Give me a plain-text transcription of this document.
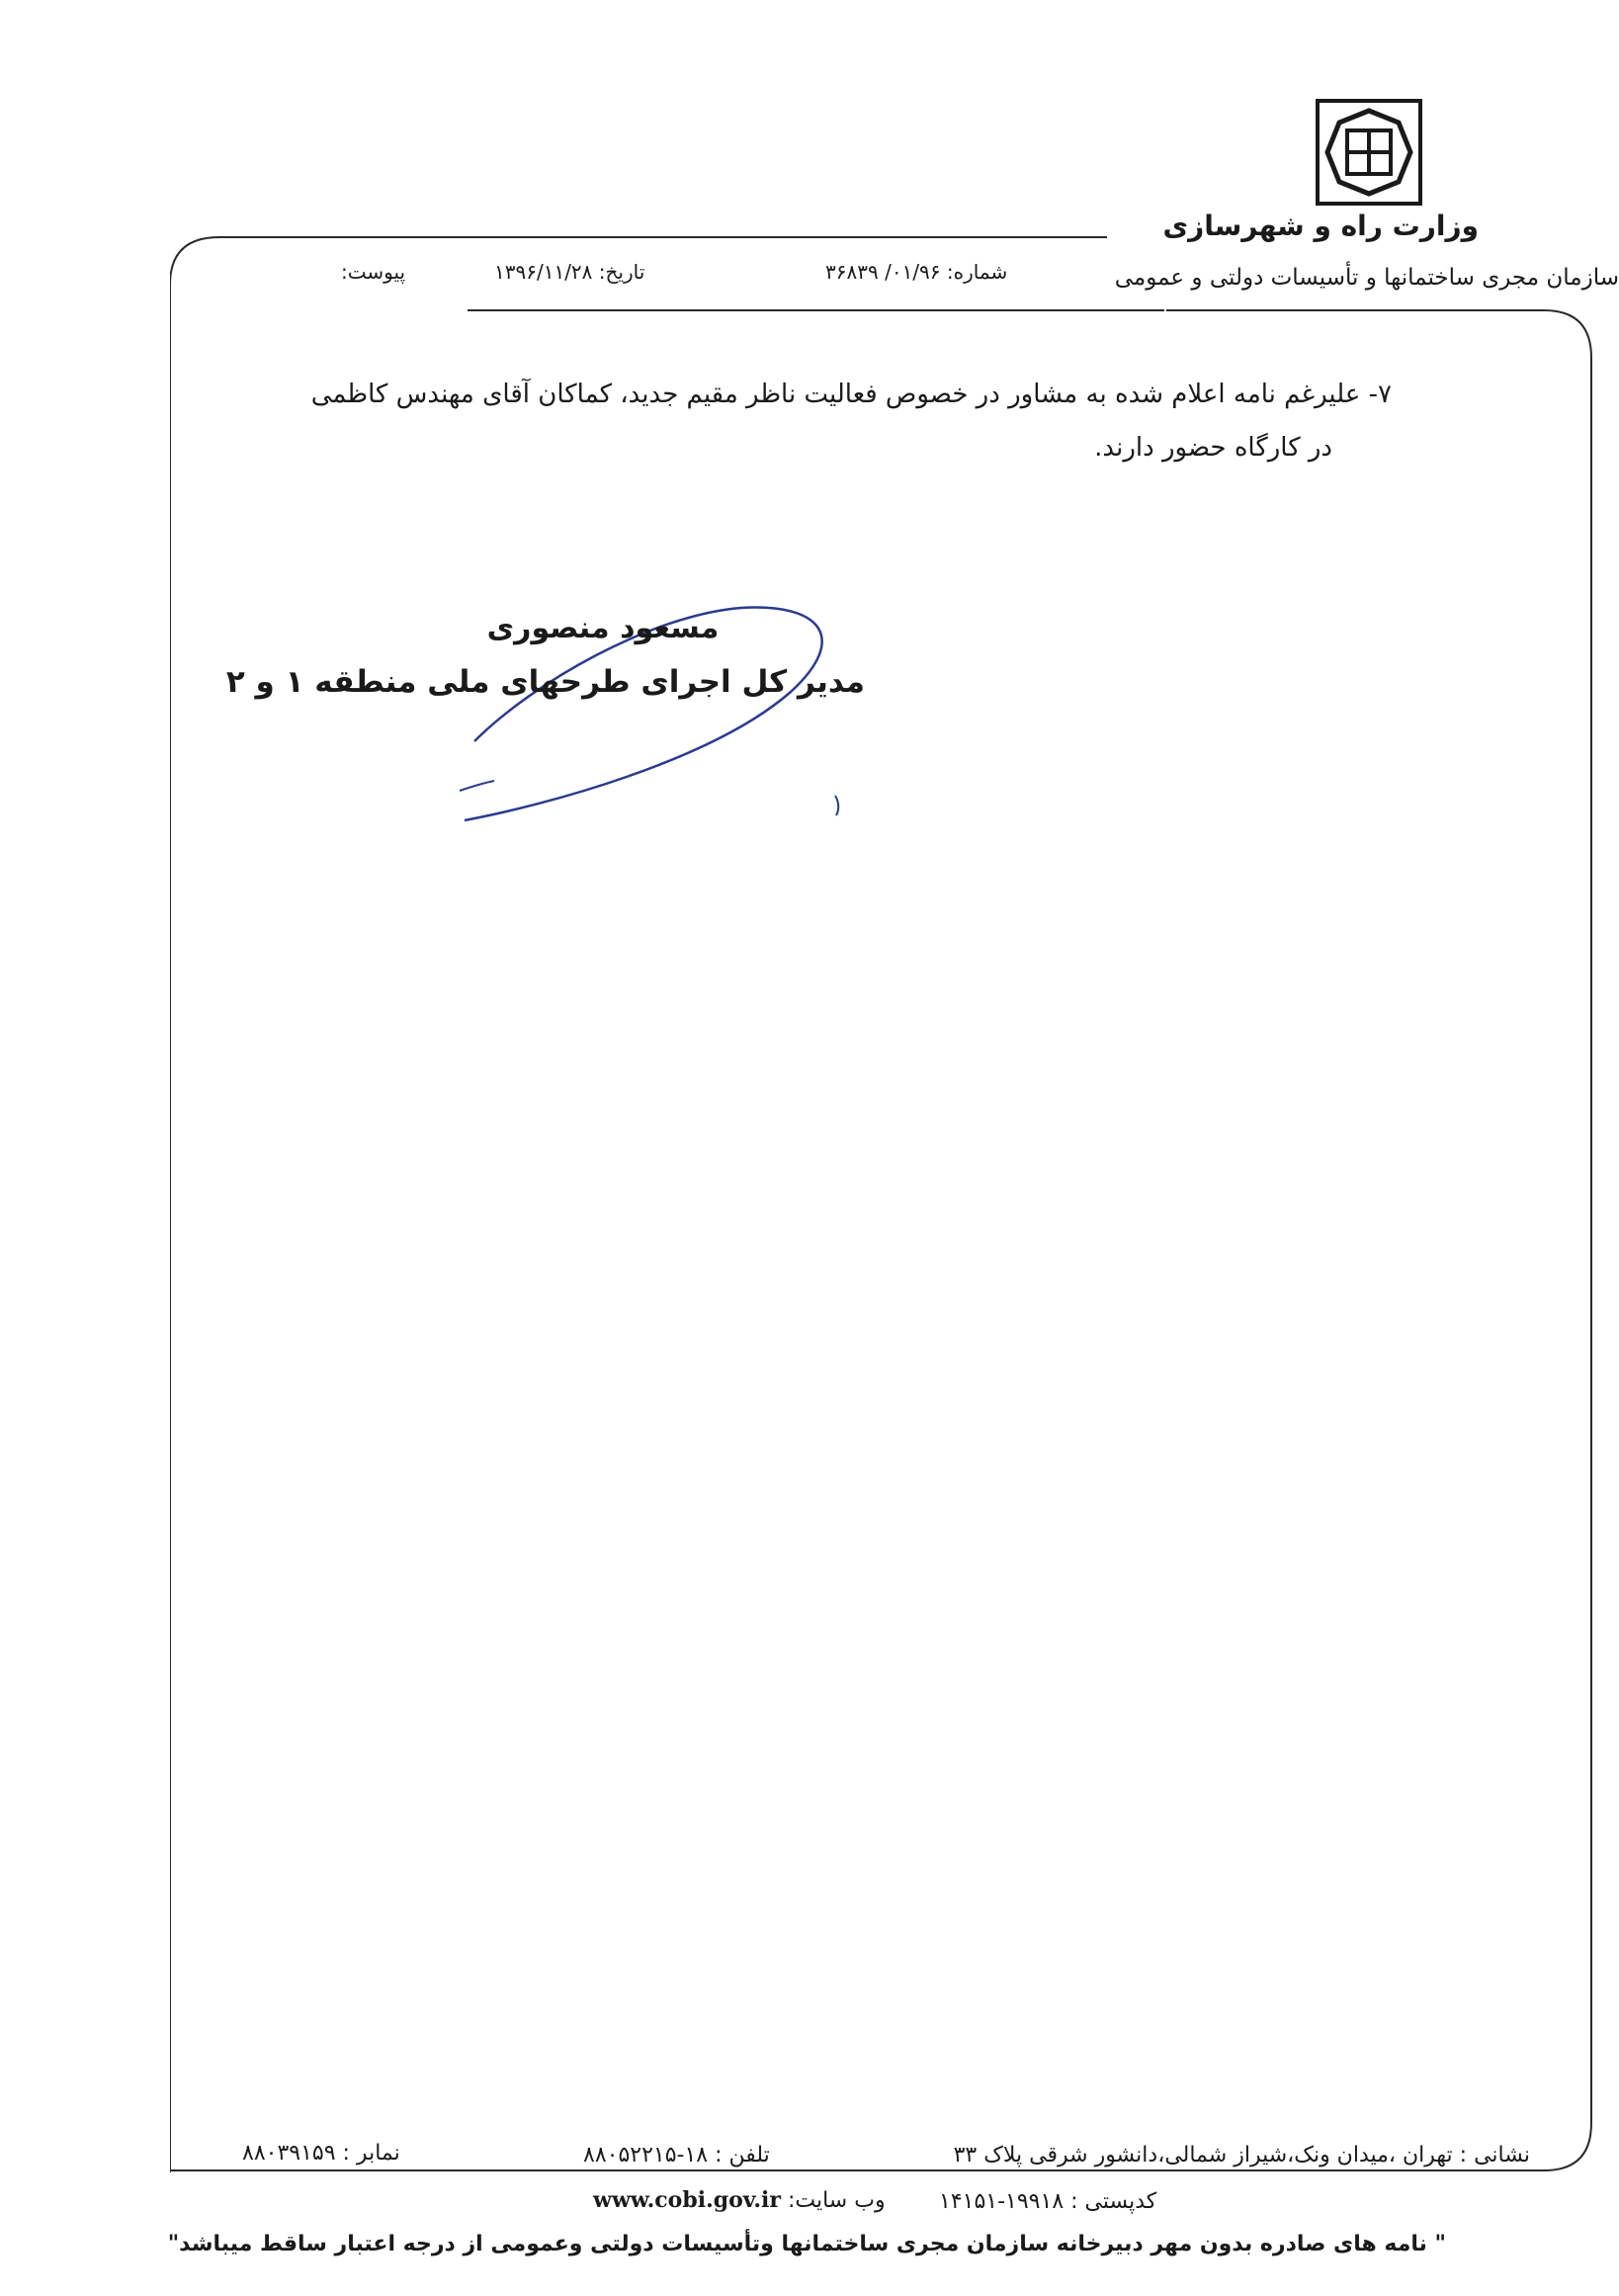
وزارت راه و شهرسازی
سازمان مجری ساختمانها و تأسیسات دولتی و عمومی
شماره: ۰۱/۹۶/ ۳۶۸۳۹
تاریخ: ۱۳۹۶/۱۱/۲۸
پیوست:
۷- علیرغم نامه اعلام شده به مشاور در خصوص فعالیت ناظر مقیم جدید، کماکان آقای مهندس کاظمی
در کارگاه حضور دارند.
مسعود منصوری
مدیر کل اجرای طرحهای ملی منطقه ۱ و ۲
نشانی : تهران ،میدان ونک،شیراز شمالی،دانشور شرقی پلاک ۳۳
تلفن : ۱۸-۸۸۰۵۲۲۱۵
نمابر : ۸۸۰۳۹۱۵۹
کدپستی : ۱۹۹۱۸-۱۴۱۵۱
وب سایت: www.cobi.gov.ir
" نامه های صادره بدون مهر دبیرخانه سازمان مجری ساختمانها وتأسیسات دولتی وعمومی از درجه اعتبار ساقط میباشد"
